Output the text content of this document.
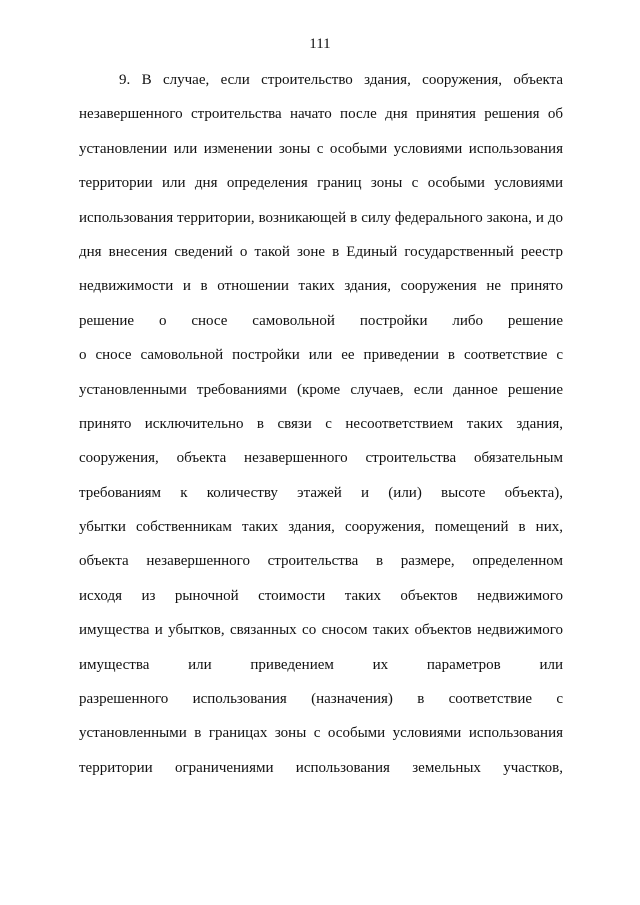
111
9. В случае, если строительство здания, сооружения, объекта
незавершенного строительства начато после дня принятия решения об
установлении или изменении зоны с особыми условиями использования
территории или дня определения границ зоны с особыми условиями
использования территории, возникающей в силу федерального закона, и до
дня внесения сведений о такой зоне в Единый государственный реестр
недвижимости и в отношении таких здания, сооружения не принято
решение о сносе самовольной постройки либо решение
о сносе самовольной постройки или ее приведении в соответствие с
установленными требованиями (кроме случаев, если данное решение
принято исключительно в связи с несоответствием таких здания,
сооружения, объекта незавершенного строительства обязательным
требованиям к количеству этажей и (или) высоте объекта),
убытки собственникам таких здания, сооружения, помещений в них,
объекта незавершенного строительства в размере, определенном
исходя из рыночной стоимости таких объектов недвижимого
имущества и убытков, связанных со сносом таких объектов недвижимого
имущества или приведением их параметров или
разрешенного использования (назначения) в соответствие с
установленными в границах зоны с особыми условиями использования
территории ограничениями использования земельных участков,
